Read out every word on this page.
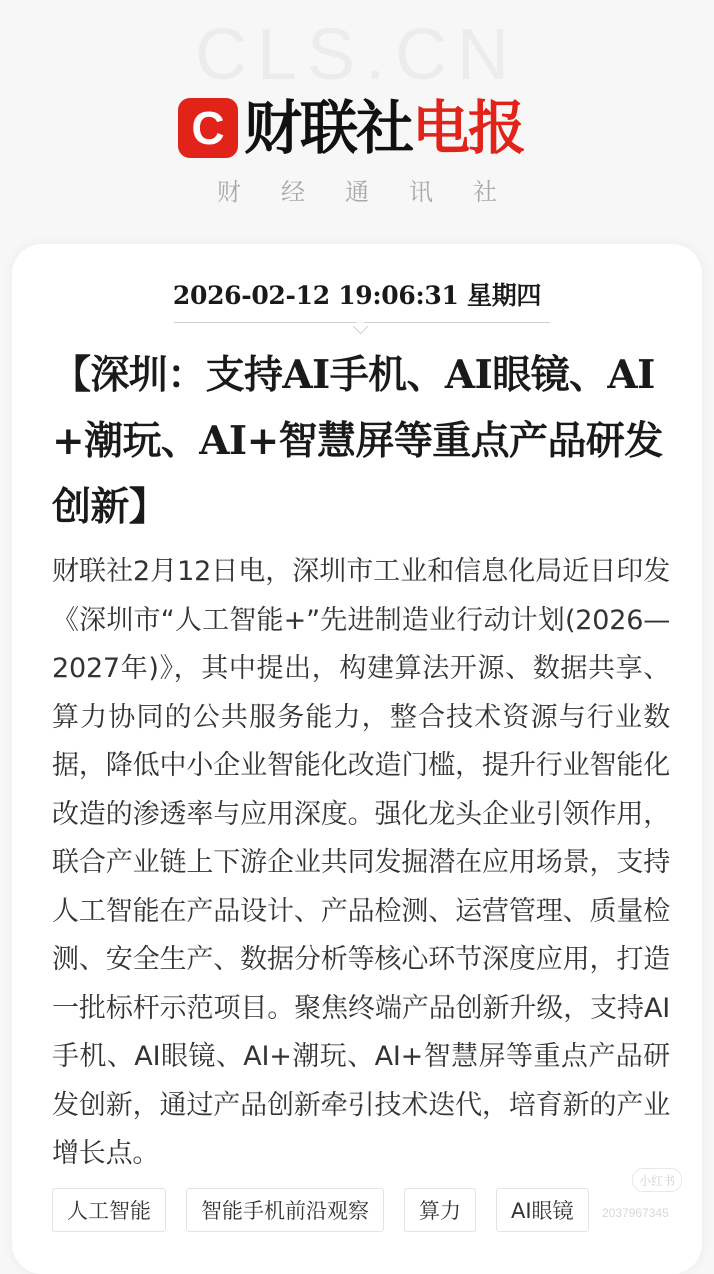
CLS.CN
C 财联社电报
财经通讯社
2026-02-12 19:06:31 星期四
【深圳：支持AI手机、AI眼镜、AI+潮玩、AI+智慧屏等重点产品研发创新】

财联社2月12日电，深圳市工业和信息化局近日印发《深圳市“人工智能+”先进制造业行动计划(2026—2027年)》，其中提出，构建算法开源、数据共享、算力协同的公共服务能力，整合技术资源与行业数据，降低中小企业智能化改造门槛，提升行业智能化改造的渗透率与应用深度。强化龙头企业引领作用，联合产业链上下游企业共同发掘潜在应用场景，支持人工智能在产品设计、产品检测、运营管理、质量检测、安全生产、数据分析等核心环节深度应用，打造一批标杆示范项目。聚焦终端产品创新升级，支持AI手机、AI眼镜、AI+潮玩、AI+智慧屏等重点产品研发创新，通过产品创新牵引技术迭代，培育新的产业增长点。

人工智能	智能手机前沿观察	算力	AI眼镜
小红书
2037967345
